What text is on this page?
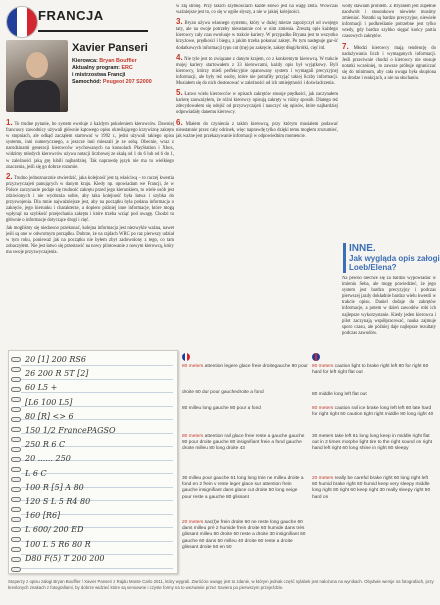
FRANCJA
Xavier Panseri
Kierowca: Bryan Bouffier
Aktualny program: ERC
i mistrzostwa Francji
Samochód: Peugeot 207 S2000

1. To trudne pytanie, bo system ewoluje z każdym pokoleniem kierowców. Dawniej francuscy zawodnicy używali głównie kątowego opisu określającego krzywiznę zakrętu w stopniach, ale odkąd zacząłem startować w 1992 r., jedni używali takiego opisu systemu, inni numerycznego, a jeszcze inni mieszali je ze sobą. Obecnie, wraz z narodzinami generacji kierowców wychowanych na konsolach PlayStation i Xbox, widzimy młodych kierowców używa notacji liczbowej ze skalą od 1 do 6 lub od 6 do 1, w zależności jaką grę lubili najbardziej. Tak naprawdę język nie ma tu wielkiego znaczenia, jeśli się go dobrze rozumie.

2. Trudno jednoznacznie stwierdzić, jaka kolejność jest tą właściwą – to raczej kwestia przyzwyczajeń panujących w danym kraju. Kiedy np. opowiadam we Francji, że w Polsce zaczynacie podaje się trudność zakrętu przed jego kierunkiem, to wiele osób jest zdziwionych i nie wyobraża sobie, aby taka kolejność była łatwa i szybka do przyswojenia. Dla mnie najważniejsze jest, aby na początku była podana informacja o zakręcie, jego kierunku i charakterze, a dopiero później inne informacje, które mogą wpłynąć na szybkość przejechania zakrętu i które trzeba wziąć pod uwagę. Chodzi tu głównie o informacje dotyczące drogi i cięć.

Jak mogliśmy się niedawno przekonać, kolejna informacja jest niezwykle ważna, nawet jeśli są one w odwrotnym porządku. Dobrze, że na rajdach WRC po raz pierwszy udział w tym roku, ponieważ jak na początku nie byłem zbyt zadowolony z tego, co tam zobaczyłem. Nie jest łatwo się przestawić na nowy pilotowanie z nowym kierowcą, który ma swoje przyzwyczajenia.

w złą stronę. Przy takich szybkościach każde słowo jest na wagę złota. Wówczas ważniejsze jest to, co się w ogóle słyszy, a nie w jakiej kolejności.

3. Bryan używa własnego systemu, który w dużej mierze zapożyczył od swojego taty, ale na swoje potrzeby nieustannie coś w nim zmienia. Zresztą opis każdego kierowcy cały czas ewoluuje w trakcie kariery. W przypadku Bryana jest to wszystko krzyżowe, prędkości i biegu, z jakim trzeba pokonać zakręt. Po tym następuje gar-ść dodatkowych informacji typu cut (tnę) po zakręcie, zakręt długi/krótki, cięć itd.

4. Nie tyle jest to związane z danym krajem, co z konkretnym kierowcą. W trakcie mojej kariery startowałem z 33 kierowcami, każdy opis był wyjątkowy. Byli kierowcy, którzy mieli perfekcyjnie opanowany system i wymagali precyzyjnej informacji, ale były też osoby, które nie potrafiły przyjąć takiej liczby informacji. Musiałem się do nich dostosować w zależności od ich umiejętności i doświadczenia.

5. Łatwo wielu kierowców w opisach zakrętów stosuje prędkości, jak zaczynałem karierę zauważyłem, że różni kierowcy opisują zakręty w różny sposób. Dlatego też zdecydowałem się odejść od przyzwyczajeń i nauczyć się opisów, które najbardziej odpowiadały danemu kierowcy.

6. Miałem do czynienia z takim kierowcą, przy którym musiałem podawać nieustannie przez cały odcinek, więc naprawdę tylko dzięki temu mogłem zrozumieć, jak ważne jest przekazywanie informacji w odpowiednim momencie.

wody stawiam problem. Z Bryanem jest zupełnie naodwrót i stosunkowo niewiele musimy zmieniać. Notatki są bardzo precyzyjne, niewiele informacji i podkreślanie potrzebne jest tylko wtedy, gdy bardzo szybko sięgać końcy partia czasowych zakrętów.

7. Młodzi kierowcy mają tendencję do nadużywania liczb i wymaganych informacji. Jeśli przeciwnie chodzi o kierowcy nie stosuje notatki wcześniej, to zawsze próbuje ograniczać się do minimum, aby cała uwaga była skupiona na drodze i reakcjach, a nie na słuchaniu.

INNE.
Jak wygląda opis załogi Loeb/Elena?

Na pewno niechce się za bardzo wypowiadać w imieniu Seba, ale mogę powiedzieć, że jego system jest bardzo precyzyjny i podczas pierwszej jazdy dokładnie bardzo wielu kwestii w trakcie opisu. Daniel dodaje do zakrętów informacje, a potem w dzień zawodów robi ich najlepsze wykorzystanie. Kiedy jeden kierowca i pilot zaczynają współpracować, nauka zajmuje sporo czasu, ale później daje najlepsze rezultaty podczas zawodów.

20 [1] 200 RS6
26 200 R 5T [2]
60 L5 +
[L6 100 L5]
80 [R] <> 6
150 1/2 FrancePAGSO
250 R 6 C
20 ...... 250
L 6 C
100 R [5] A 80
120 S L 5 R4 80
160 [R6]
L 600/ 200 ED
100 L 5 R6 80 R
D80 F(5) T 200 200
80 meters attention legere glace freie droitegauche 80 pour
droite 60 dur pour gauchedroite a fond
80 milleu long gauche 80 pour a fond
80 meters attention rail glace freie reste a gauche gauche 80 pour droite gauche 80 insignifiant freie a fond gauche droite milleu 80 long droite 43
30 milleu pour gauche 61 long long tnie ne milleu droite a fond en 2 frein v reste leger glace sur attention frein gauche insignifiant dans glace cut droite 50 long neige pour reste a gauche 80 glissant
20 meters sac(t)e frein droite 60 ne reste long gauche 60 dans milleu pré 2 humide frein droite 60 humide dans très glissant milleu 80 droite 60 reste a droite 30 insignifiant 50 gauche 60 dans 50 milleu 40 droite 60 reste a droite glissant droite 50 en 50
80 meters caution light to brake right left 80 for right 60 hard for left right flat out
80 middle long left flat out
80 meters caution rail ice brake long left left 60 late hard for right right 60 caution tight right middle 80 long right 40
30 meters take left 61 long long keep in middle right flat out in 2 times morphe light tire to the right sound on right hand left right 60 long shine in right 80 sleepy
20 meters really be careful brake right 60 long right left 60 humid brake right 60 humid keep very sleepy middle long right 80 right 60 keep right 30 really sleepy right 50 hard on
Stoperzy z opisu załogi Bryan Bouffier / Xavier Panseri z Rajdu Monte Carlo 2011, który wygrali. Zwróćcie uwagę jest to zdanie, w którym jednak część sylabek jest nałożona na wynikach. Obydwie wersje na fotografach, przy kreslonych znakach z fotografiami, by dobrze widzieć które są sensowne i czyste formy na to wezwanie przez Xaviera po pierwszym przejeździe.
